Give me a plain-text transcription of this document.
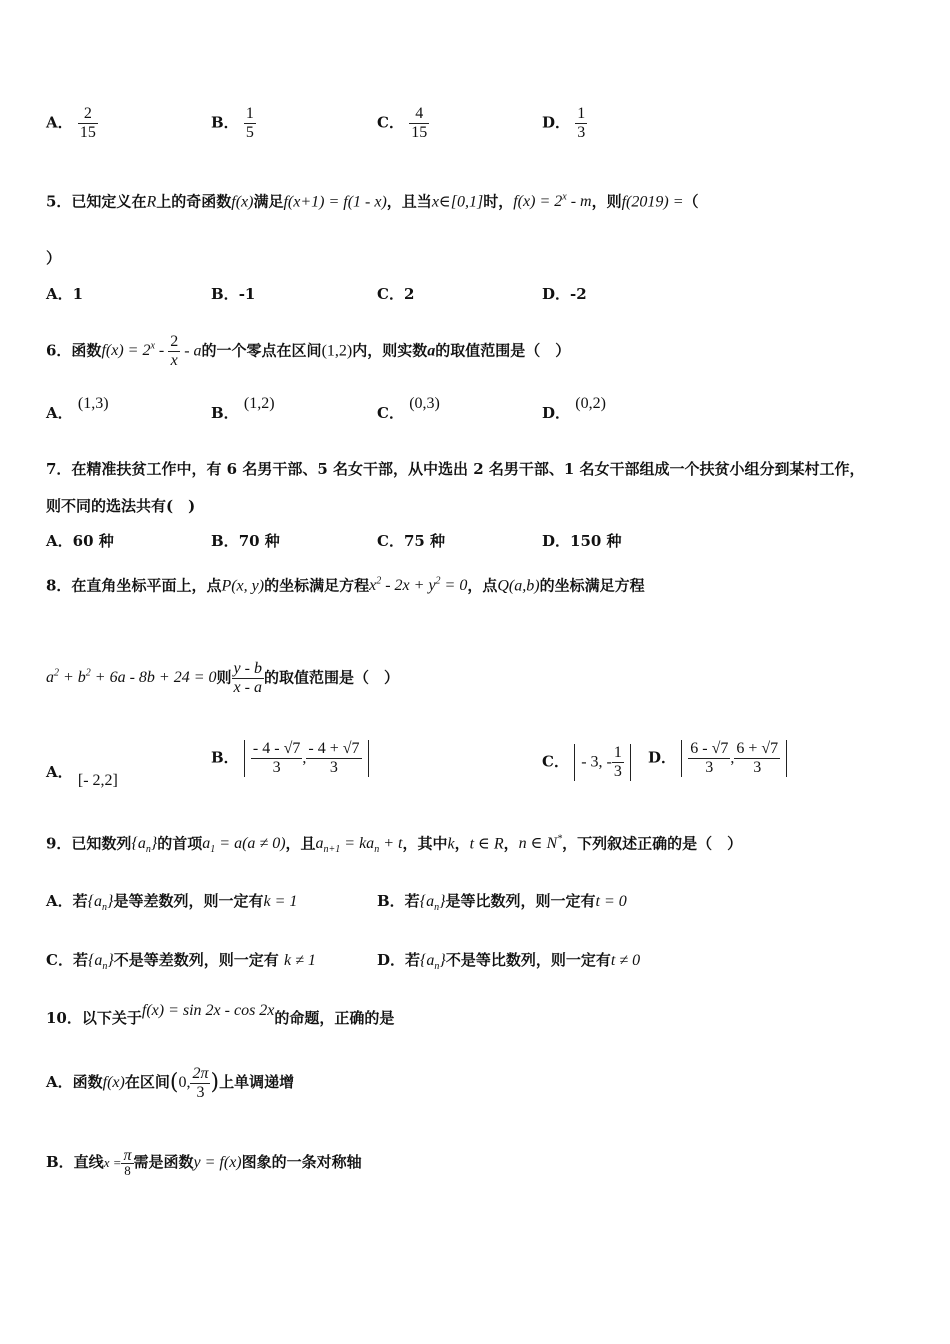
A． $\frac{2}{15}$	B． $\frac{1}{5}$	C． $\frac{4}{15}$	D． $\frac{1}{3}$
5．已知定义在R上的奇函数f(x)满足f(x+1) = f(1 - x)，且当x∈[0,1]时，$f(x) = 2^x - m$，则f(2019) =（
）
A．1	B．-1	C．2	D．-2
6．函数$f(x) = 2^x - \frac{2}{x} - a$的一个零点在区间(1,2)内，则实数a的取值范围是（　）
A． (1,3)
B． (1,2)
C． (0,3)
D． (0,2)
7．在精准扶贫工作中，有 6 名男干部、5 名女干部，从中选出 2 名男干部、1 名女干部组成一个扶贫小组分到某村工作，
则不同的选法共有(　)
A．60 种	B．70 种	C．75 种	D．150 种
8．在直角坐标平面上，点P(x, y)的坐标满足方程$x^2 - 2x + y^2 = 0$，点Q(a,b)的坐标满足方程
$a^2 + b^2 + 6a - 8b + 24 = 0$则 $\frac{y - b}{x - a}$ 的取值范围是（　）
A． [- 2,2]
B． $\frac{- 4 - √7}{3}$ , $\frac{- 4 + √7}{3}$	C． - 3, - $\frac{1}{3}$ D． $\frac{6 - √7}{3}$ , $\frac{6 + √7}{3}$
9．已知数列$\{a_n\}$的首项$a_1 = a(a \ne 0)$，且$a_{n+1} = ka_n + t$，其中k，t ∈ R，n ∈ N*，下列叙述正确的是（　）
A．若$\{a_n\}$是等差数列，则一定有k = 1	B．若$\{a_n\}$是等比数列，则一定有t = 0
C．若$\{a_n\}$不是等差数列，则一定有 k ≠ 1	D．若$\{a_n\}$不是等比数列，则一定有t ≠ 0
10．以下关于f(x) = sin 2x - cos 2x的命题，正确的是
A．函数f(x)在区间(0, $\frac{2\pi}{3}$ )上单调递增
B．直线$x = \frac{\pi}{8}$ 需是函数y = f(x)图象的一条对称轴
